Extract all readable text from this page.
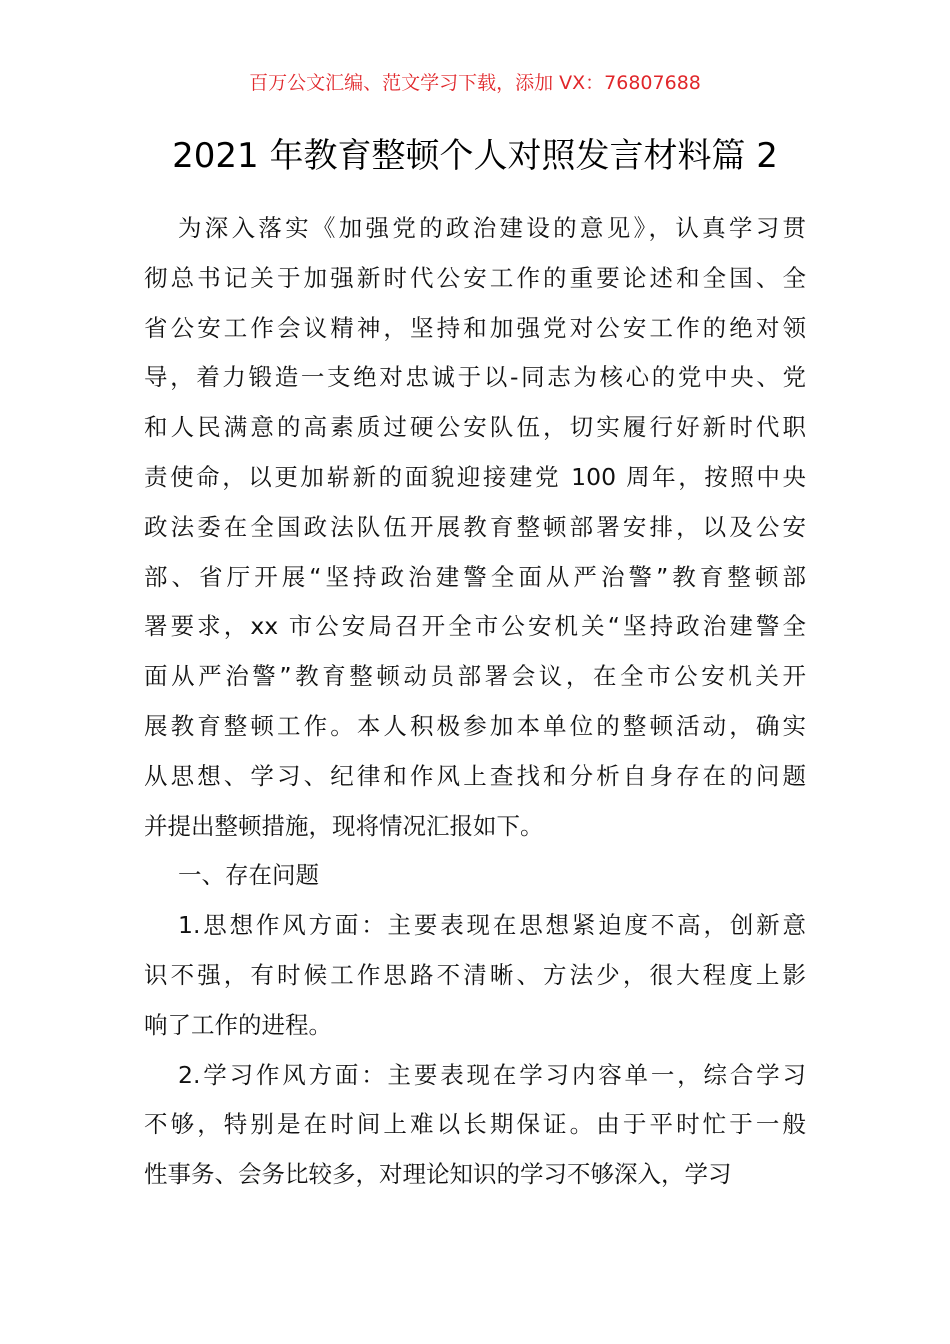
百万公文汇编、范文学习下载，添加 VX：76807688
2021 年教育整顿个人对照发言材料篇 2
为深入落实《加强党的政治建设的意见》，认真学习贯
彻总书记关于加强新时代公安工作的重要论述和全国、全
省公安工作会议精神，坚持和加强党对公安工作的绝对领
导，着力锻造一支绝对忠诚于以-同志为核心的党中央、党
和人民满意的高素质过硬公安队伍，切实履行好新时代职
责使命，以更加崭新的面貌迎接建党 100 周年，按照中央
政法委在全国政法队伍开展教育整顿部署安排，以及公安
部、省厅开展“坚持政治建警全面从严治警”教育整顿部
署要求，xx 市公安局召开全市公安机关“坚持政治建警全
面从严治警”教育整顿动员部署会议，在全市公安机关开
展教育整顿工作。本人积极参加本单位的整顿活动，确实
从思想、学习、纪律和作风上查找和分析自身存在的问题
并提出整顿措施，现将情况汇报如下。
一、存在问题
1.思想作风方面：主要表现在思想紧迫度不高，创新意
识不强，有时候工作思路不清晰、方法少，很大程度上影
响了工作的进程。
2.学习作风方面：主要表现在学习内容单一，综合学习
不够，特别是在时间上难以长期保证。由于平时忙于一般
性事务、会务比较多，对理论知识的学习不够深入，学习
